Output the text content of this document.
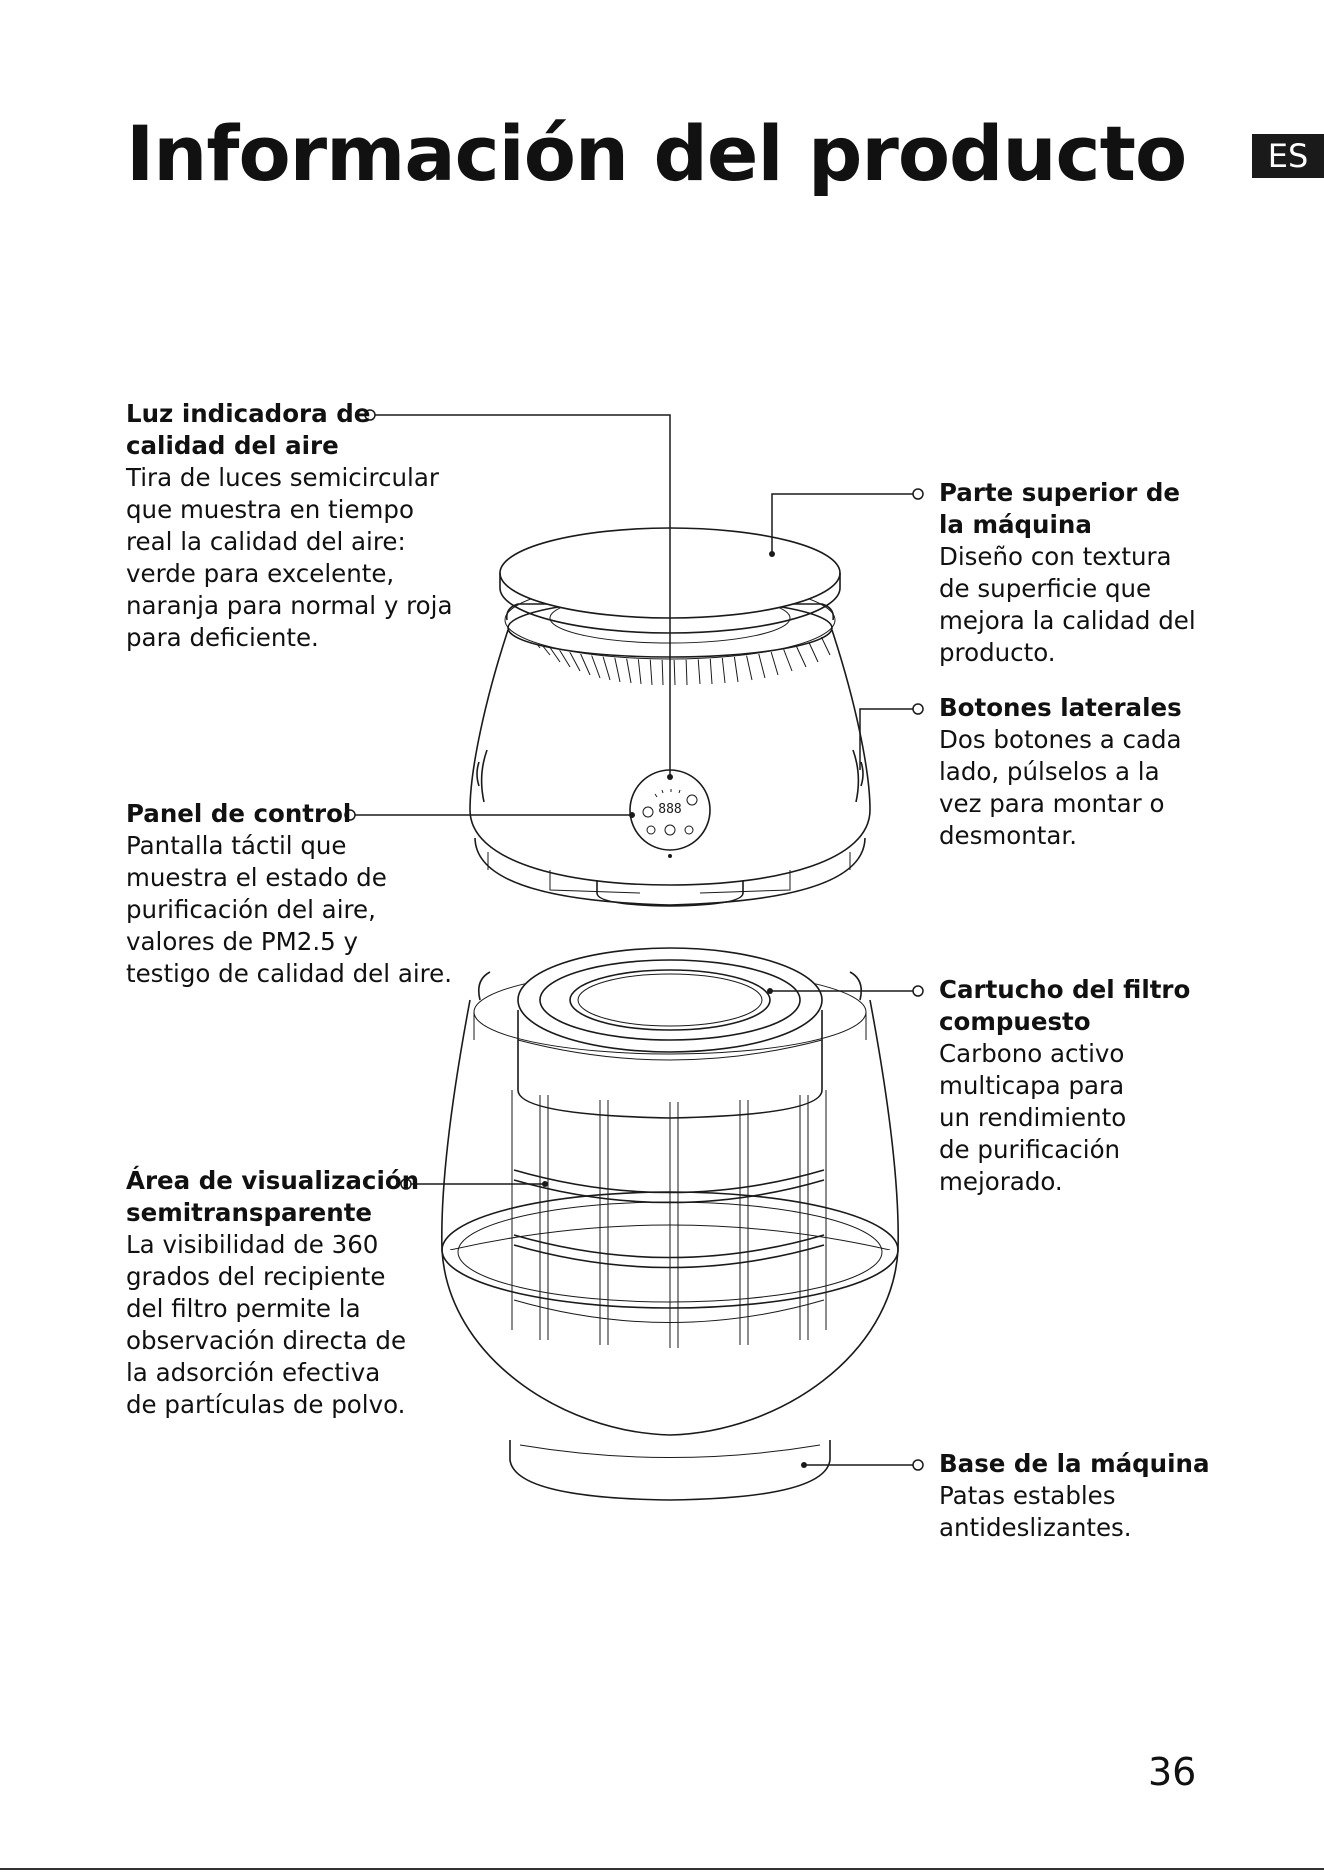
Información del producto	ES
888
Luz indicadora de
calidad del aire
Tira de luces semicircular
que muestra en tiempo
real la calidad del aire:
verde para excelente,
naranja para normal y roja
para deficiente.
Panel de control
Pantalla táctil que
muestra el estado de
purificación del aire,
valores de PM2.5 y
testigo de calidad del aire.
Área de visualización
semitransparente
La visibilidad de 360
grados del recipiente
del filtro permite la
observación directa de
la adsorción efectiva
de partículas de polvo.
Parte superior de
la máquina
Diseño con textura
de superficie que
mejora la calidad del
producto.
Botones laterales
Dos botones a cada
lado, púlselos a la
vez para montar o
desmontar.
Cartucho del filtro
compuesto
Carbono activo
multicapa para
un rendimiento
de purificación
mejorado.
Base de la máquina
Patas estables
antideslizantes.
36
